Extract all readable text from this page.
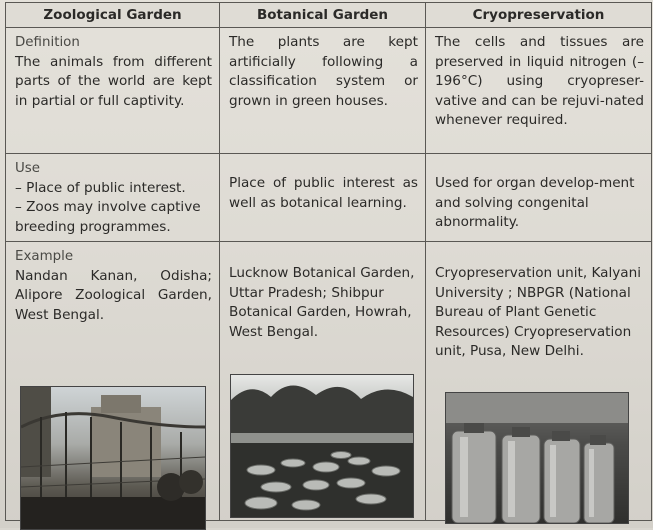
Zoological Garden	Botanical Garden	Cryopreservation

Definition
The animals from different parts of the world are kept in partial or full captivity.	The plants are kept artificially following a classification system or grown in green houses.	The cells and tissues are preserved in liquid nitrogen (– 196°C) using cryopreser-vative and can be rejuvi-nated whenever required.

Use
– Place of public interest.
– Zoos may involve captive breeding programmes.	Place of public interest as well as botanical learning.	Used for organ develop-ment and solving congenital abnormality.

Example
Nandan Kanan, Odisha; Alipore Zoological Garden, West Bengal.	Lucknow Botanical Garden, Uttar Pradesh; Shibpur Botanical Garden, Howrah, West Bengal.	Cryopreservation unit, Kalyani University ; NBPGR (National Bureau of Plant Genetic Resources) Cryopreservation unit, Pusa, New Delhi.
